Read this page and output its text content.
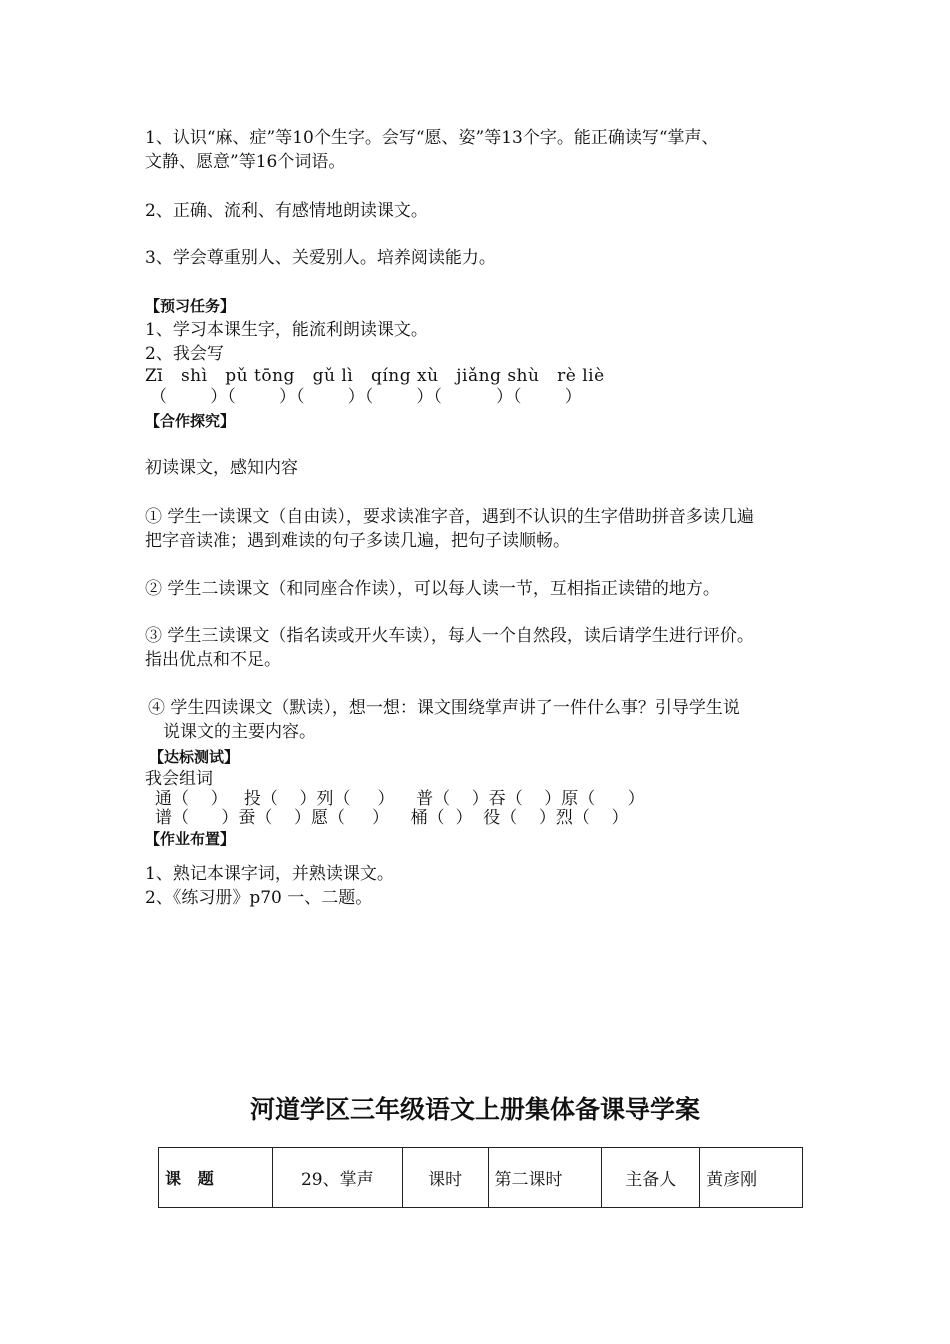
1、认识“麻、症”等10个生字。会写“愿、姿”等13个字。能正确读写“掌声、
文静、愿意”等16个词语。
2、正确、流利、有感情地朗读课文。
3、学会尊重别人、关爱别人。培养阅读能力。
【预习任务】
1、学习本课生字，能流利朗读课文。
2、我会写
Zī   shì   pǔ tōng   gǔ lì   qíng xù   jiǎng shù   rè liè
（        ）（        ）（        ）（        ）（          ）（        ）
【合作探究】
初读课文，感知内容
① 学生一读课文（自由读），要求读准字音，遇到不认识的生字借助拼音多读几遍
把字音读准；遇到难读的句子多读几遍，把句子读顺畅。
② 学生二读课文（和同座合作读），可以每人读一节，互相指正读错的地方。
③ 学生三读课文（指名读或开火车读），每人一个自然段，读后请学生进行评价。
指出优点和不足。
④ 学生四读课文（默读），想一想：课文围绕掌声讲了一件什么事？引导学生说
说课文的主要内容。
【达标测试】
我会组词
通（    ）   投（    ）列（     ）    普（    ）吞（    ）原（      ）
谱（      ）蚕（    ）愿（     ）    桶（  ）  役（    ）烈（    ）
【作业布置】
1、熟记本课字词，并熟读课文。
2、《练习册》p70 一、二题。
河道学区三年级语文上册集体备课导学案
课   题	29、掌声	课时	第二课时	主备人	黄彦刚
